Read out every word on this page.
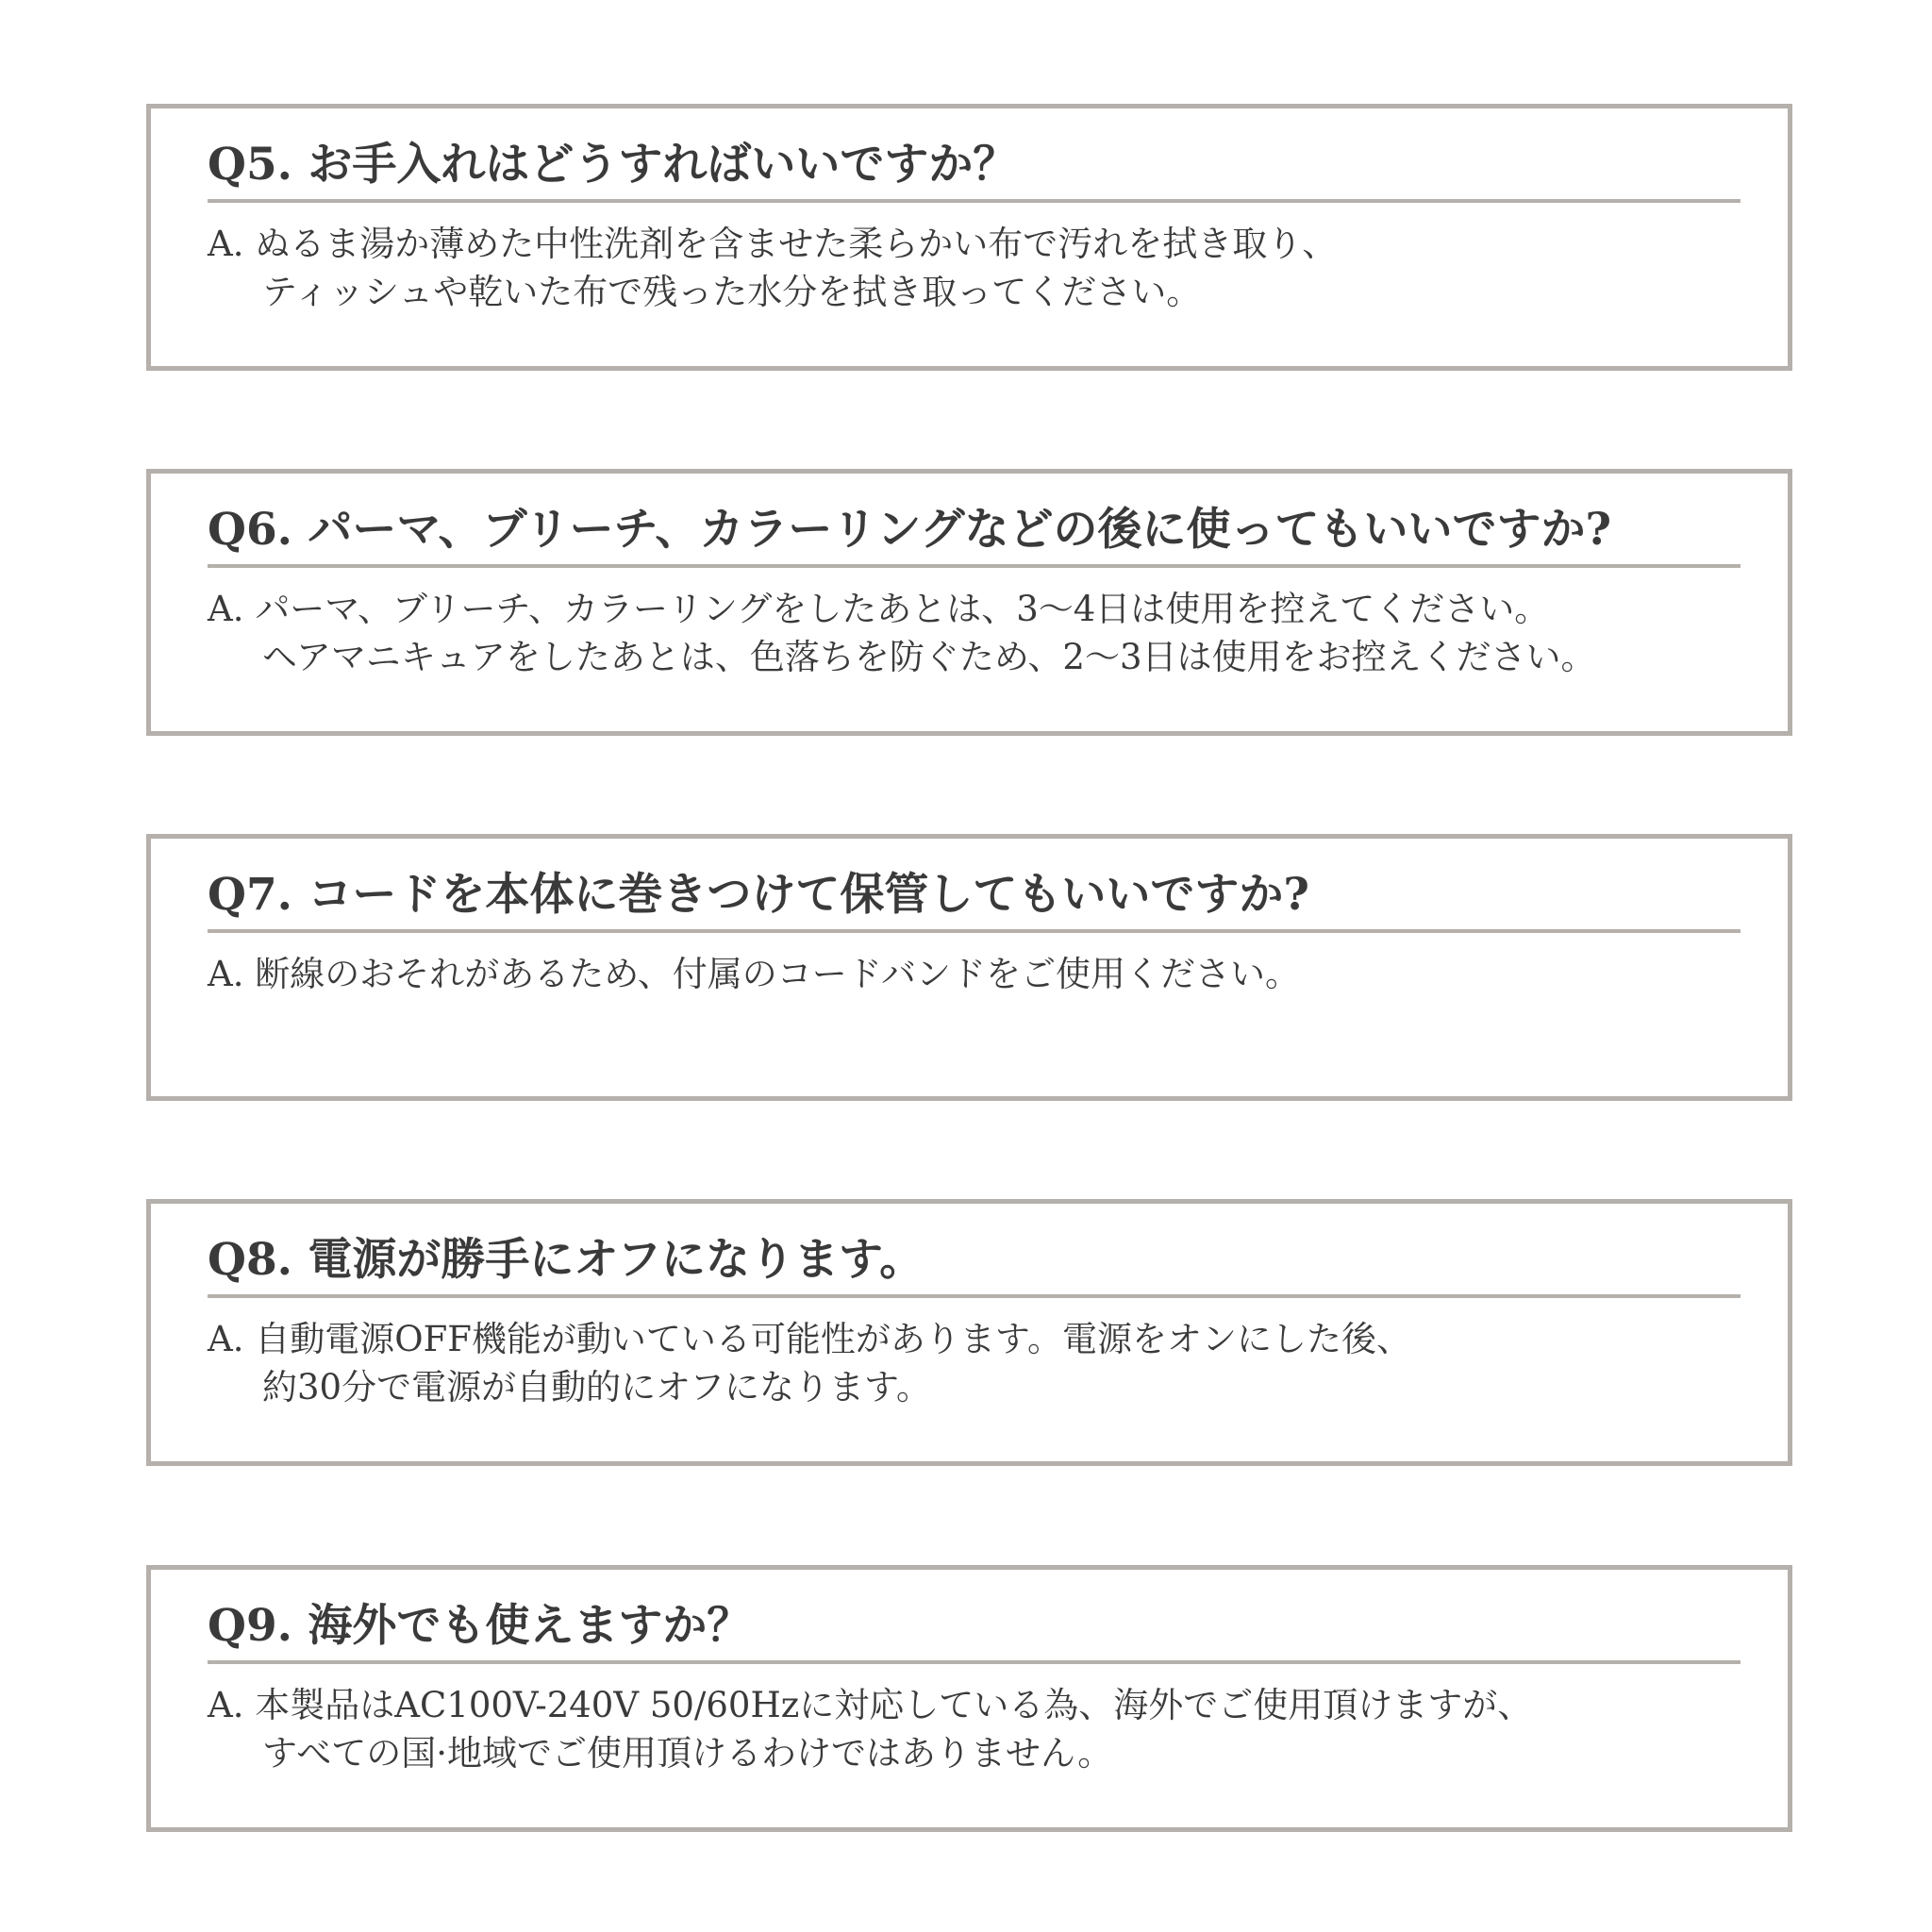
Q5. お手入れはどうすればいいですか？
A. ぬるま湯か薄めた中性洗剤を含ませた柔らかい布で汚れを拭き取り、
ティッシュや乾いた布で残った水分を拭き取ってください。
Q6. パーマ、ブリーチ、カラーリングなどの後に使ってもいいですか?
A. パーマ、ブリーチ、カラーリングをしたあとは、3〜4日は使用を控えてください。
ヘアマニキュアをしたあとは、色落ちを防ぐため、2〜3日は使用をお控えください。
Q7. コードを本体に巻きつけて保管してもいいですか?
A. 断線のおそれがあるため、付属のコードバンドをご使用ください。
Q8. 電源が勝手にオフになります。
A. 自動電源OFF機能が動いている可能性があります。電源をオンにした後、
約30分で電源が自動的にオフになります。
Q9. 海外でも使えますか？
A. 本製品はAC100V-240V 50/60Hzに対応している為、海外でご使用頂けますが、
すべての国·地域でご使用頂けるわけではありません。
